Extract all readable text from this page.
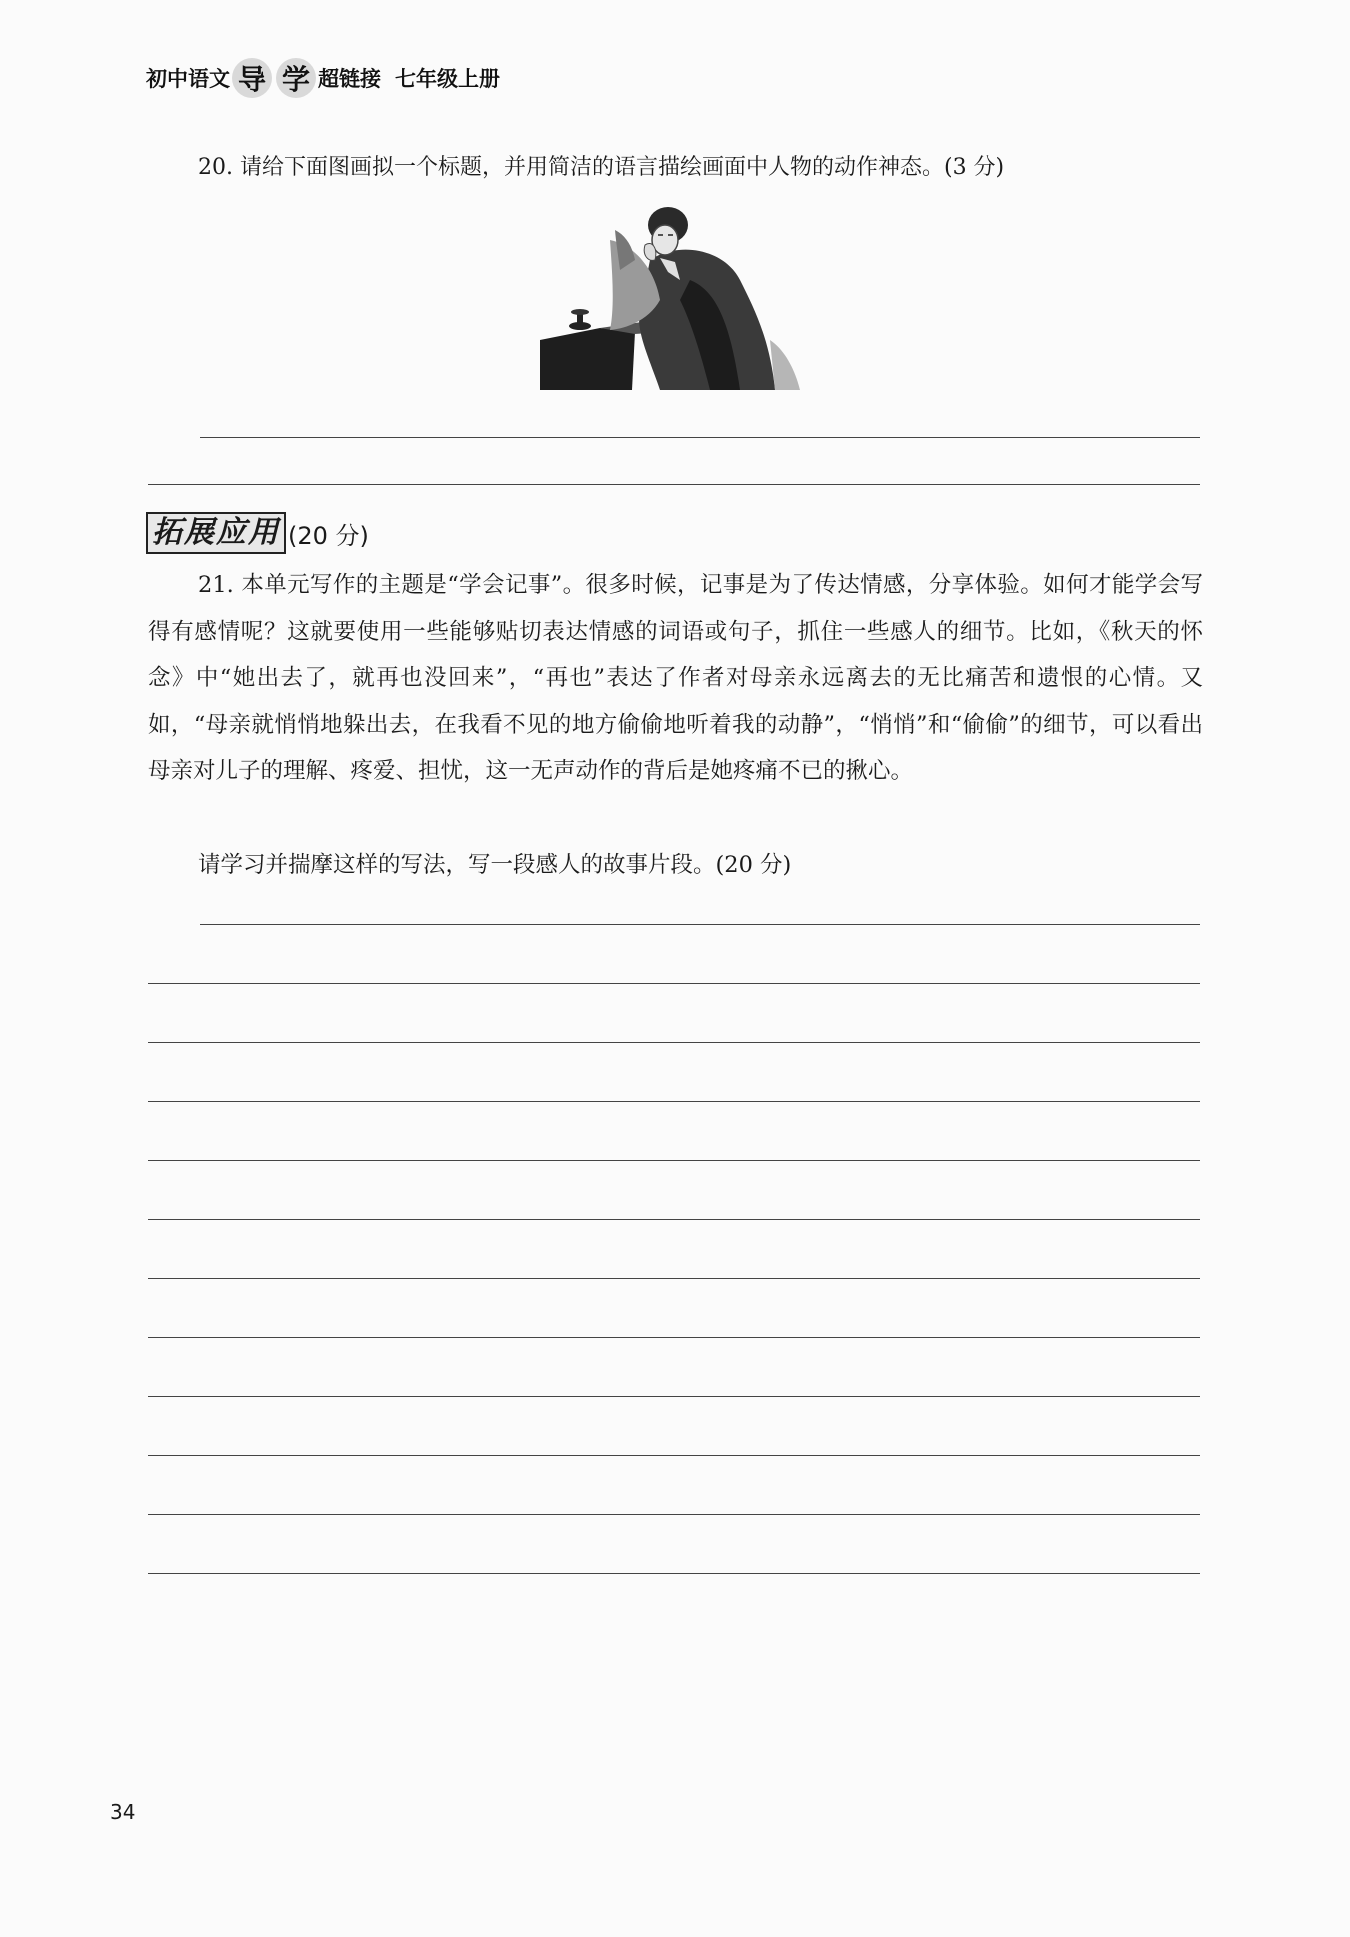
初中语文 导 学 超链接 七年级上册
20. 请给下面图画拟一个标题，并用简洁的语言描绘画面中人物的动作神态。(3 分)
拓展应用 (20 分)
21. 本单元写作的主题是“学会记事”。很多时候，记事是为了传达情感，分享体验。如何才能学会写得有感情呢？这就要使用一些能够贴切表达情感的词语或句子，抓住一些感人的细节。比如，《秋天的怀念》中“她出去了，就再也没回来”，“再也”表达了作者对母亲永远离去的无比痛苦和遗恨的心情。又如，“母亲就悄悄地躲出去，在我看不见的地方偷偷地听着我的动静”，“悄悄”和“偷偷”的细节，可以看出母亲对儿子的理解、疼爱、担忧，这一无声动作的背后是她疼痛不已的揪心。
请学习并揣摩这样的写法，写一段感人的故事片段。(20 分)
34
